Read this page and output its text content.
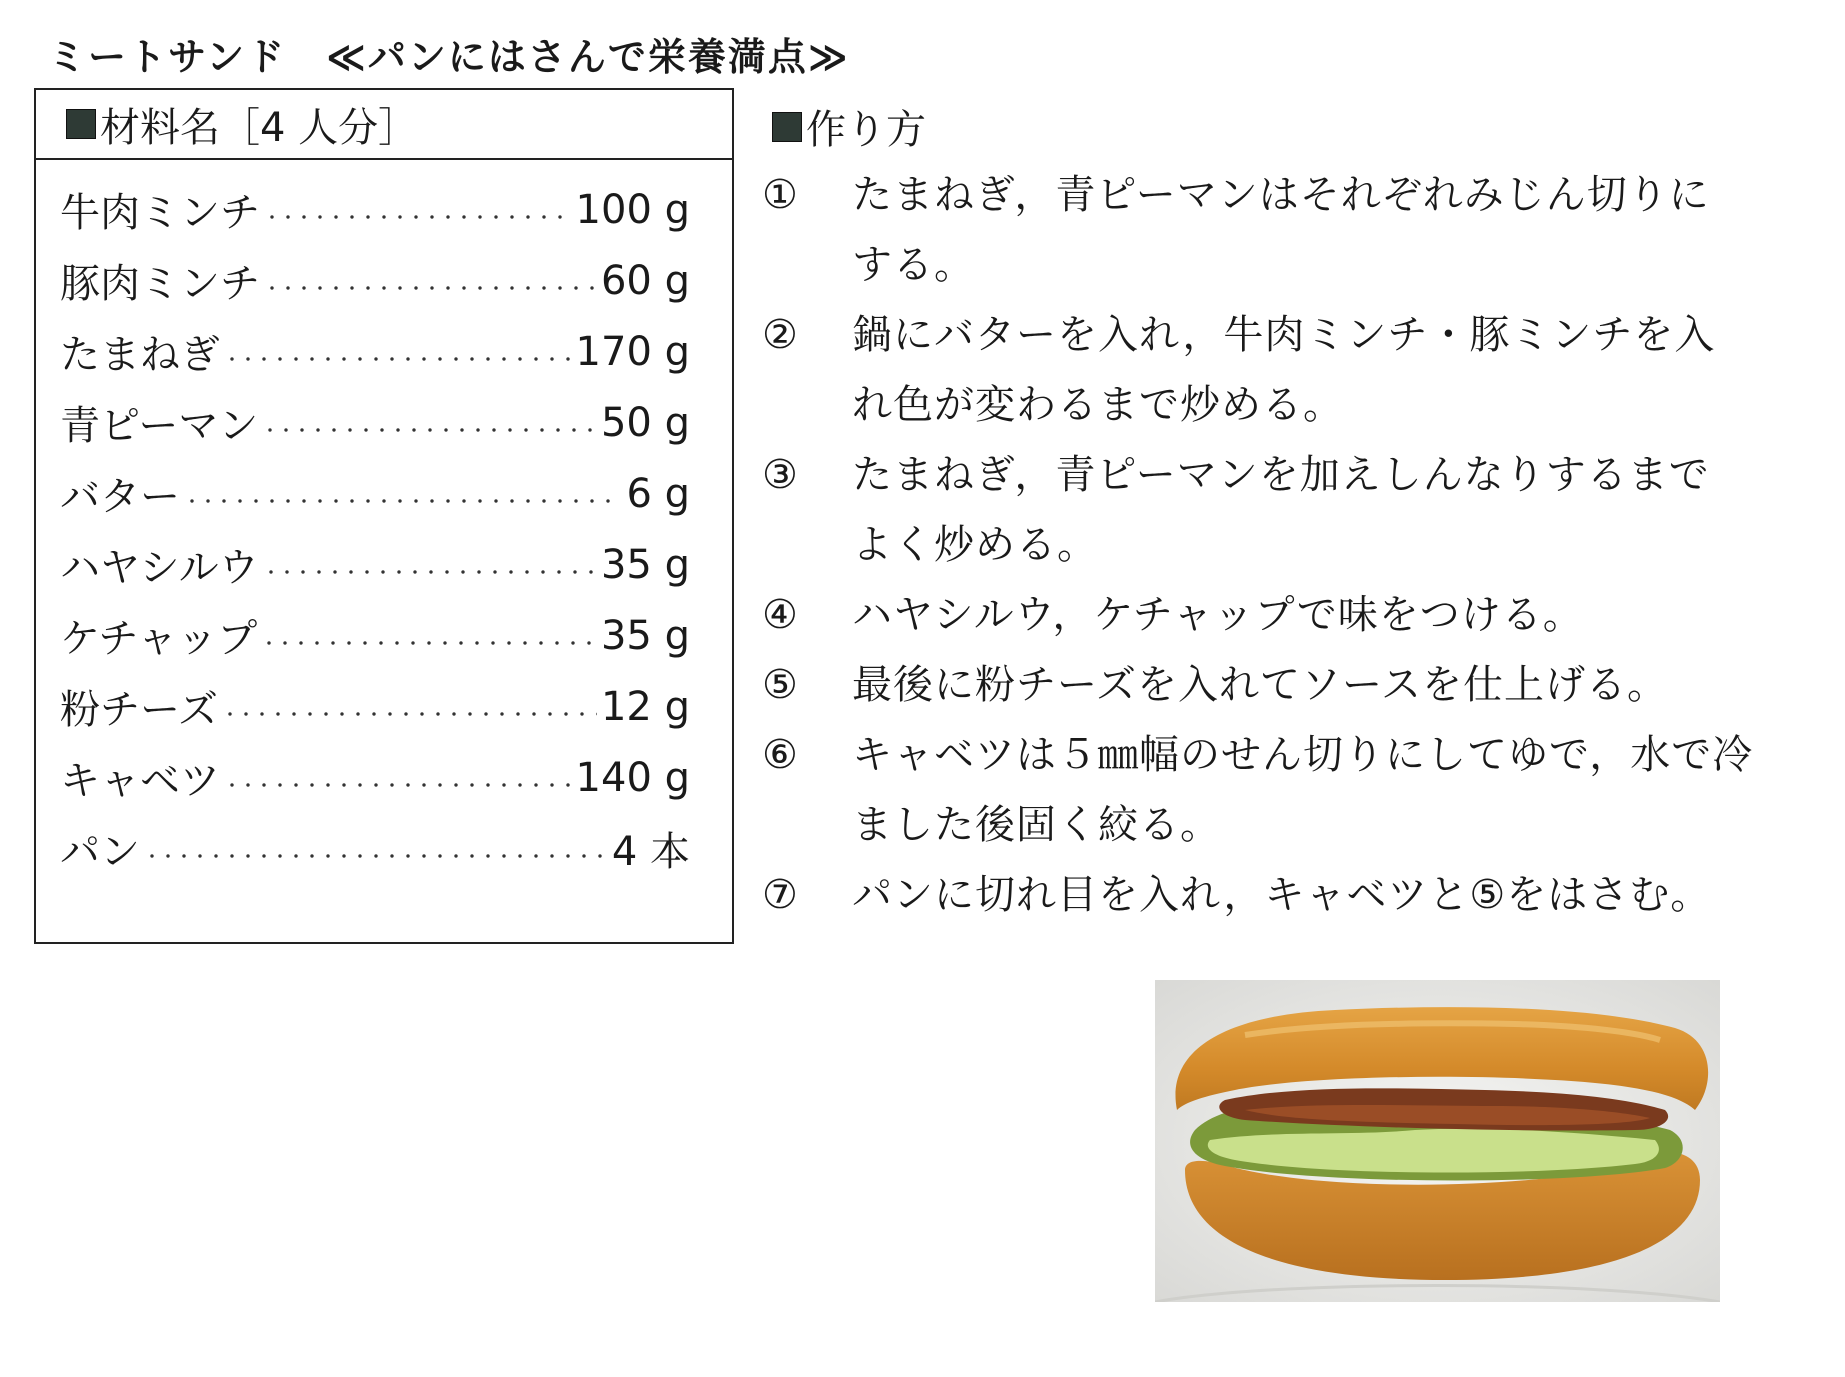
ミートサンド　≪パンにはさんで栄養満点≫
材料名［4 人分］
牛肉ミンチ	100 g
豚肉ミンチ	60 g
たまねぎ	170 g
青ピーマン	50 g
バター	6 g
ハヤシルウ	35 g
ケチャップ	35 g
粉チーズ	12 g
キャベツ	140 g
パン	4 本
作り方
① たまねぎ，青ピーマンはそれぞれみじん切りに
する。
② 鍋にバターを入れ，牛肉ミンチ・豚ミンチを入
れ色が変わるまで炒める。
③ たまねぎ，青ピーマンを加えしんなりするまで
よく炒める。
④ ハヤシルウ，ケチャップで味をつける。
⑤ 最後に粉チーズを入れてソースを仕上げる。
⑥ キャベツは５㎜幅のせん切りにしてゆで，水で冷
ました後固く絞る。
⑦ パンに切れ目を入れ，キャベツと⑤をはさむ。
